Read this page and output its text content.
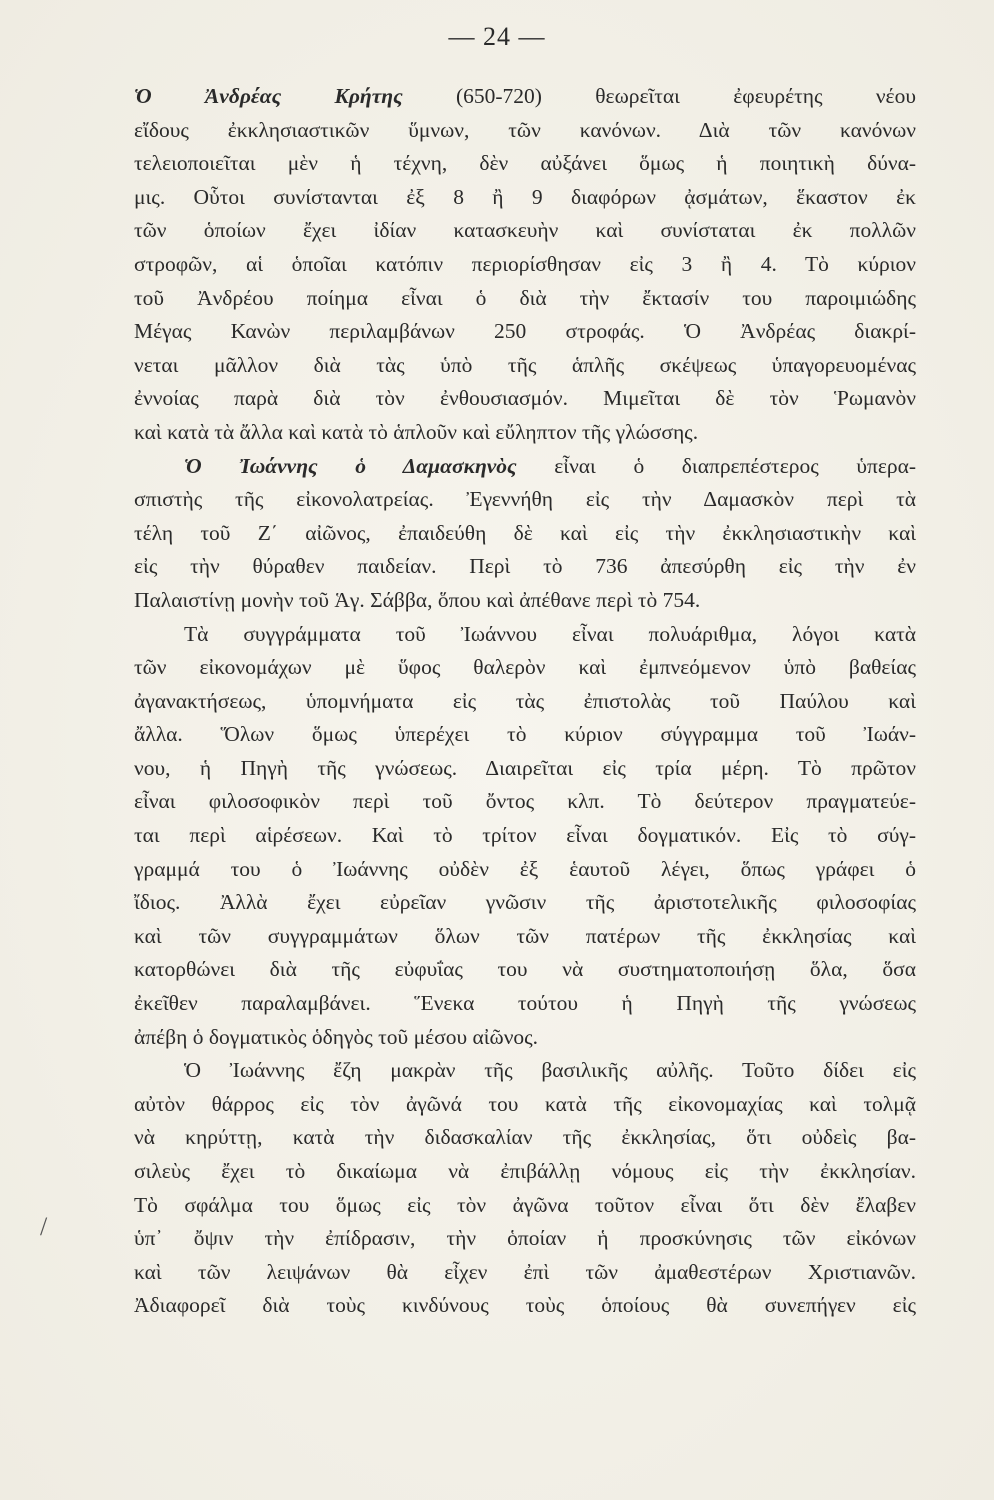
— 24 —
/
Ὁ Ἀνδρέας Κρήτης (650-720) θεωρεῖται ἐφευρέτης νέου
εἴδους ἐκκλησιαστικῶν ὕμνων, τῶν κανόνων. Διὰ τῶν κανόνων
τελειοποιεῖται μὲν ἡ τέχνη, δὲν αὐξάνει ὅμως ἡ ποιητικὴ δύνα-
μις. Οὗτοι συνίστανται ἐξ 8 ἢ 9 διαφόρων ᾀσμάτων, ἕκαστον ἐκ
τῶν ὁποίων ἔχει ἰδίαν κατασκευὴν καὶ συνίσταται ἐκ πολλῶν
στροφῶν, αἱ ὁποῖαι κατόπιν περιορίσθησαν εἰς 3 ἢ 4. Τὸ κύριον
τοῦ Ἀνδρέου ποίημα εἶναι ὁ διὰ τὴν ἔκτασίν του παροιμιώδης
Μέγας Κανὼν περιλαμβάνων 250 στροφάς. Ὁ Ἀνδρέας διακρί-
νεται μᾶλλον διὰ τὰς ὑπὸ τῆς ἁπλῆς σκέψεως ὑπαγορευομένας
ἐννοίας παρὰ διὰ τὸν ἐνθουσιασμόν. Μιμεῖται δὲ τὸν Ῥωμανὸν
καὶ κατὰ τὰ ἄλλα καὶ κατὰ τὸ ἁπλοῦν καὶ εὔληπτον τῆς γλώσσης.
Ὁ Ἰωάννης ὁ Δαμασκηνὸς εἶναι ὁ διαπρεπέστερος ὑπερα-
σπιστὴς τῆς εἰκονολατρείας. Ἐγεννήθη εἰς τὴν Δαμασκὸν περὶ τὰ
τέλη τοῦ Ζ΄ αἰῶνος, ἐπαιδεύθη δὲ καὶ εἰς τὴν ἐκκλησιαστικὴν καὶ
εἰς τὴν θύραθεν παιδείαν. Περὶ τὸ 736 ἀπεσύρθη εἰς τὴν ἐν
Παλαιστίνῃ μονὴν τοῦ Ἁγ. Σάββα, ὅπου καὶ ἀπέθανε περὶ τὸ 754.
Τὰ συγγράμματα τοῦ Ἰωάννου εἶναι πολυάριθμα, λόγοι κατὰ
τῶν εἰκονομάχων μὲ ὕφος θαλερὸν καὶ ἐμπνεόμενον ὑπὸ βαθείας
ἀγανακτήσεως, ὑπομνήματα εἰς τὰς ἐπιστολὰς τοῦ Παύλου καὶ
ἄλλα. Ὅλων ὅμως ὑπερέχει τὸ κύριον σύγγραμμα τοῦ Ἰωάν-
νου, ἡ Πηγὴ τῆς γνώσεως. Διαιρεῖται εἰς τρία μέρη. Τὸ πρῶτον
εἶναι φιλοσοφικὸν περὶ τοῦ ὄντος κλπ. Τὸ δεύτερον πραγματεύε-
ται περὶ αἱρέσεων. Καὶ τὸ τρίτον εἶναι δογματικόν. Εἰς τὸ σύγ-
γραμμά του ὁ Ἰωάννης οὐδὲν ἐξ ἑαυτοῦ λέγει, ὅπως γράφει ὁ
ἴδιος. Ἀλλὰ ἔχει εὐρεῖαν γνῶσιν τῆς ἀριστοτελικῆς φιλοσοφίας
καὶ τῶν συγγραμμάτων ὅλων τῶν πατέρων τῆς ἐκκλησίας καὶ
κατορθώνει διὰ τῆς εὐφυΐας του νὰ συστηματοποιήσῃ ὅλα, ὅσα
ἐκεῖθεν παραλαμβάνει. Ἕνεκα τούτου ἡ Πηγὴ τῆς γνώσεως
ἀπέβη ὁ δογματικὸς ὁδηγὸς τοῦ μέσου αἰῶνος.
Ὁ Ἰωάννης ἔζη μακρὰν τῆς βασιλικῆς αὐλῆς. Τοῦτο δίδει εἰς
αὐτὸν θάρρος εἰς τὸν ἀγῶνά του κατὰ τῆς εἰκονομαχίας καὶ τολμᾷ
νὰ κηρύττῃ, κατὰ τὴν διδασκαλίαν τῆς ἐκκλησίας, ὅτι οὐδεὶς βα-
σιλεὺς ἔχει τὸ δικαίωμα νὰ ἐπιβάλλῃ νόμους εἰς τὴν ἐκκλησίαν.
Τὸ σφάλμα του ὅμως εἰς τὸν ἀγῶνα τοῦτον εἶναι ὅτι δὲν ἔλαβεν
ὑπ᾽ ὄψιν τὴν ἐπίδρασιν, τὴν ὁποίαν ἡ προσκύνησις τῶν εἰκόνων
καὶ τῶν λειψάνων θὰ εἶχεν ἐπὶ τῶν ἀμαθεστέρων Χριστιανῶν.
Ἀδιαφορεῖ διὰ τοὺς κινδύνους τοὺς ὁποίους θὰ συνεπήγεν εἰς
